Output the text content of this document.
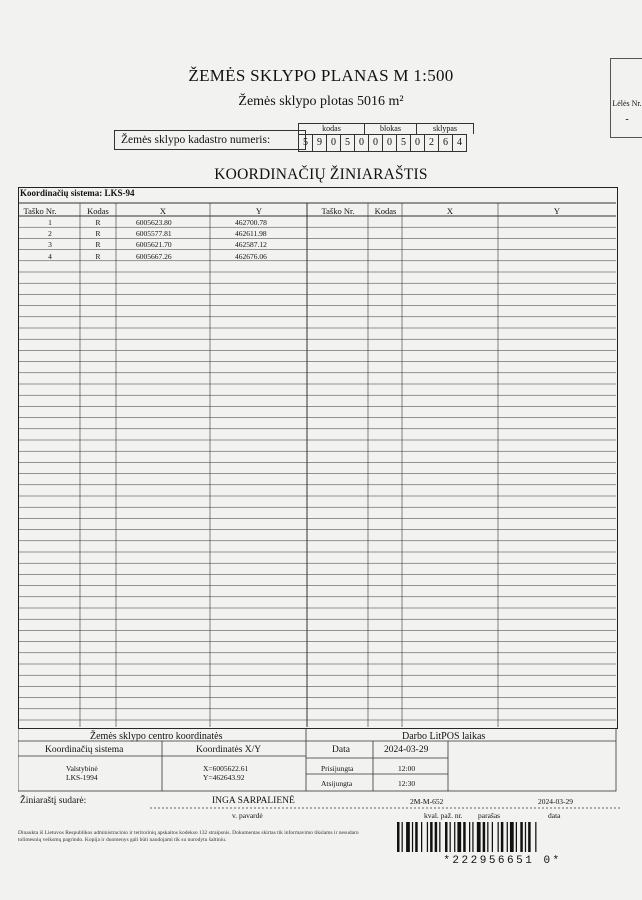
ŽEMĖS SKLYPO PLANAS M 1:500
Žemės sklypo plotas 5016 m²
Žemės sklypo kadastro numeris:
kodas	blokas	sklypas
5 9 0 5 0 0 0 5 0 2 6 4
Lėlės Nr.
-
KOORDINAČIŲ ŽINIARAŠTIS
Koordinačių sistema: LKS-94
Taško Nr.	Kodas	X	Y	Taško Nr.	Kodas	X	Y
1	R	6005623.80	462700.78
2	R	6005577.81	462611.98
3	R	6005621.70	462587.12
4	R	6005667.26	462676.06
Žemės sklypo centro koordinatės	Darbo LitPOS laikas
Koordinačių sistema	Koordinatės X/Y
Valstybinė
LKS-1994
X=6005622.61
Y=462643.92
Data	2024-03-29
Prisijungta	12:00
Atsijungta	12:30
Žiniaraštį sudarė:	INGA SARPALIENĖ	2M-M-652	2024-03-29
v. pavardė	kval. paž. nr. parašas	data
Dinaukta iš Lietuvos Respublikos administracinio ir teritoriniq apskaitos kodekso 132 straipsnis. Dokumentas skirtas tik informavimo tikslams ir nesudaro tolimesnių veiksmų pagrindo. Kopija ir duomenys gali būti naudojami tik su nurodytu šaltiniu.
*222956651 0*
